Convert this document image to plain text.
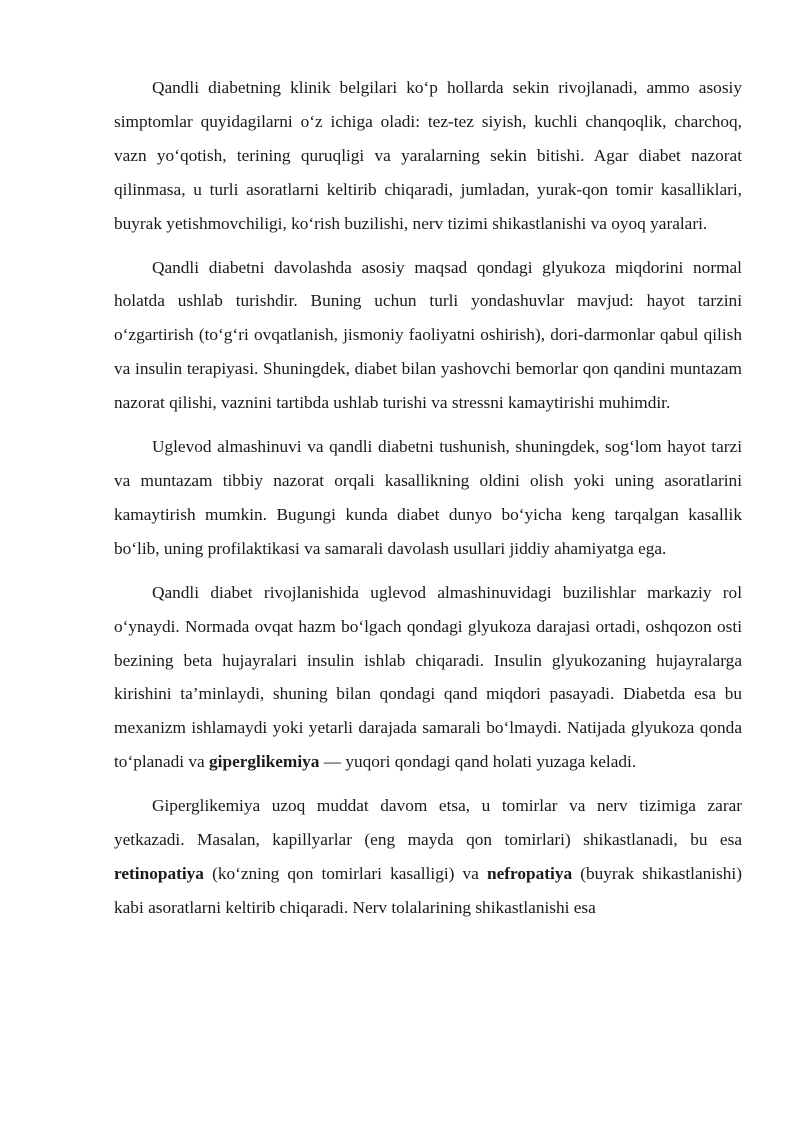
Qandli diabetning klinik belgilari ko‘p hollarda sekin rivojlanadi, ammo asosiy simptomlar quyidagilarni o‘z ichiga oladi: tez-tez siyish, kuchli chanqoqlik, charchoq, vazn yo‘qotish, terining quruqligi va yaralarning sekin bitishi. Agar diabet nazorat qilinmasa, u turli asoratlarni keltirib chiqaradi, jumladan, yurak-qon tomir kasalliklari, buyrak yetishmovchiligi, ko‘rish buzilishi, nerv tizimi shikastlanishi va oyoq yaralari.

Qandli diabetni davolashda asosiy maqsad qondagi glyukoza miqdorini normal holatda ushlab turishdir. Buning uchun turli yondashuvlar mavjud: hayot tarzini o‘zgartirish (to‘g‘ri ovqatlanish, jismoniy faoliyatni oshirish), dori-darmonlar qabul qilish va insulin terapiyasi. Shuningdek, diabet bilan yashovchi bemorlar qon qandini muntazam nazorat qilishi, vaznini tartibda ushlab turishi va stressni kamaytirishi muhimdir.

Uglevod almashinuvi va qandli diabetni tushunish, shuningdek, sog‘lom hayot tarzi va muntazam tibbiy nazorat orqali kasallikning oldini olish yoki uning asoratlarini kamaytirish mumkin. Bugungi kunda diabet dunyo bo‘yicha keng tarqalgan kasallik bo‘lib, uning profilaktikasi va samarali davolash usullari jiddiy ahamiyatga ega.

Qandli diabet rivojlanishida uglevod almashinuvidagi buzilishlar markaziy rol o‘ynaydi. Normada ovqat hazm bo‘lgach qondagi glyukoza darajasi ortadi, oshqozon osti bezining beta hujayralari insulin ishlab chiqaradi. Insulin glyukozaning hujayralarga kirishini ta’minlaydi, shuning bilan qondagi qand miqdori pasayadi. Diabetda esa bu mexanizm ishlamaydi yoki yetarli darajada samarali bo‘lmaydi. Natijada glyukoza qonda to‘planadi va giperglikemiya — yuqori qondagi qand holati yuzaga keladi.

Giperglikemiya uzoq muddat davom etsa, u tomirlar va nerv tizimiga zarar yetkazadi. Masalan, kapillyarlar (eng mayda qon tomirlari) shikastlanadi, bu esa retinopatiya (ko‘zning qon tomirlari kasalligi) va nefropatiya (buyrak shikastlanishi) kabi asoratlarni keltirib chiqaradi. Nerv tolalarining shikastlanishi esa
